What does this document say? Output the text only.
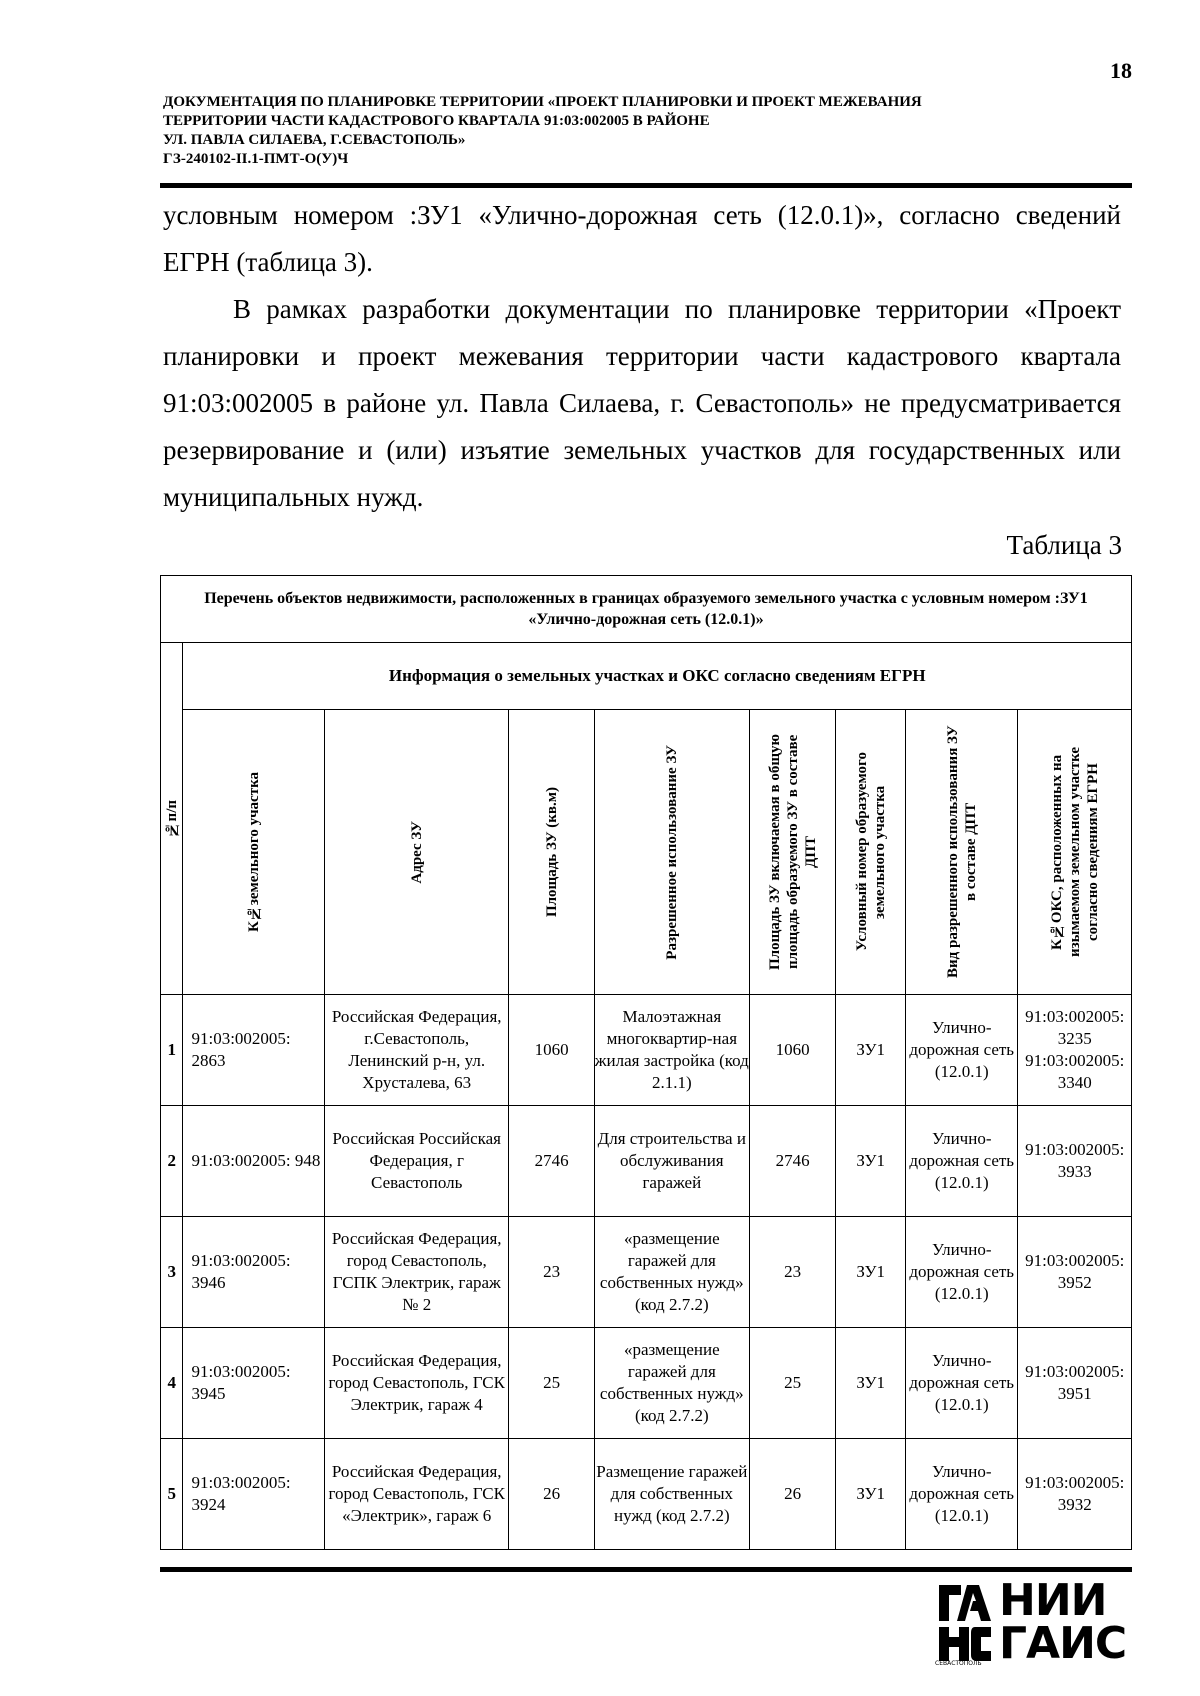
18
ДОКУМЕНТАЦИЯ ПО ПЛАНИРОВКЕ ТЕРРИТОРИИ «ПРОЕКТ ПЛАНИРОВКИ И ПРОЕКТ МЕЖЕВАНИЯ
ТЕРРИТОРИИ ЧАСТИ КАДАСТРОВОГО КВАРТАЛА 91:03:002005 В РАЙОНЕ
УЛ. ПАВЛА СИЛАЕВА, Г.СЕВАСТОПОЛЬ»
ГЗ-240102-II.1-ПМТ-О(У)Ч
условным номером :ЗУ1 «Улично-дорожная сеть (12.0.1)», согласно сведений ЕГРН (таблица 3).
В рамках разработки документации по планировке территории «Проект планировки и проект межевания территории части кадастрового квартала 91:03:002005 в районе ул. Павла Силаева, г. Севастополь» не предусматривается резервирование и (или) изъятие земельных участков для государственных или муниципальных нужд.
Таблица 3
Перечень объектов недвижимости, расположенных в границах образуемого земельного участка с условным номером :ЗУ1 «Улично-дорожная сеть (12.0.1)»								

№п/п	Информация о земельных участках и ОКС согласно сведениям ЕГРН							

	К№земельного участка	Адрес ЗУ	Площадь ЗУ (кв.м)	Разрешенное использование ЗУ	Площадь ЗУ включаемая в общую площадь образуемого ЗУ в составе ДПТ	Условный номер образуемого земельного участка	Вид разрешенного использования ЗУ в составе ДПТ	К№ОКС, расположенных на изымаемом земельном участке согласно сведениям ЕГРН

1	91:03:002005: 2863	Российская Федерация, г.Севастополь, Ленинский р-н, ул. Хрусталева, 63	1060	Малоэтажная многоквартир-ная жилая застройка (код 2.1.1)	1060	ЗУ1	Улично-дорожная сеть (12.0.1)	91:03:002005: 3235 91:03:002005: 3340
2	91:03:002005: 948	Российская Российская Федерация, г Севастополь	2746	Для строительства и обслуживания гаражей	2746	ЗУ1	Улично-дорожная сеть (12.0.1)	91:03:002005: 3933
3	91:03:002005: 3946	Российская Федерация, город Севастополь, ГСПК Электрик, гараж № 2	23	«размещение гаражей для собственных нужд» (код 2.7.2)	23	ЗУ1	Улично-дорожная сеть (12.0.1)	91:03:002005: 3952
4	91:03:002005: 3945	Российская Федерация, город Севастополь, ГСК Электрик, гараж 4	25	«размещение гаражей для собственных нужд» (код 2.7.2)	25	ЗУ1	Улично-дорожная сеть (12.0.1)	91:03:002005: 3951
5	91:03:002005: 3924	Российская Федерация, город Севастополь, ГСК «Электрик», гараж 6	26	Размещение гаражей для собственных нужд (код 2.7.2)	26	ЗУ1	Улично-дорожная сеть (12.0.1)	91:03:002005: 3932
НИИ
ГАИС
СЕВАСТОПОЛЬ
